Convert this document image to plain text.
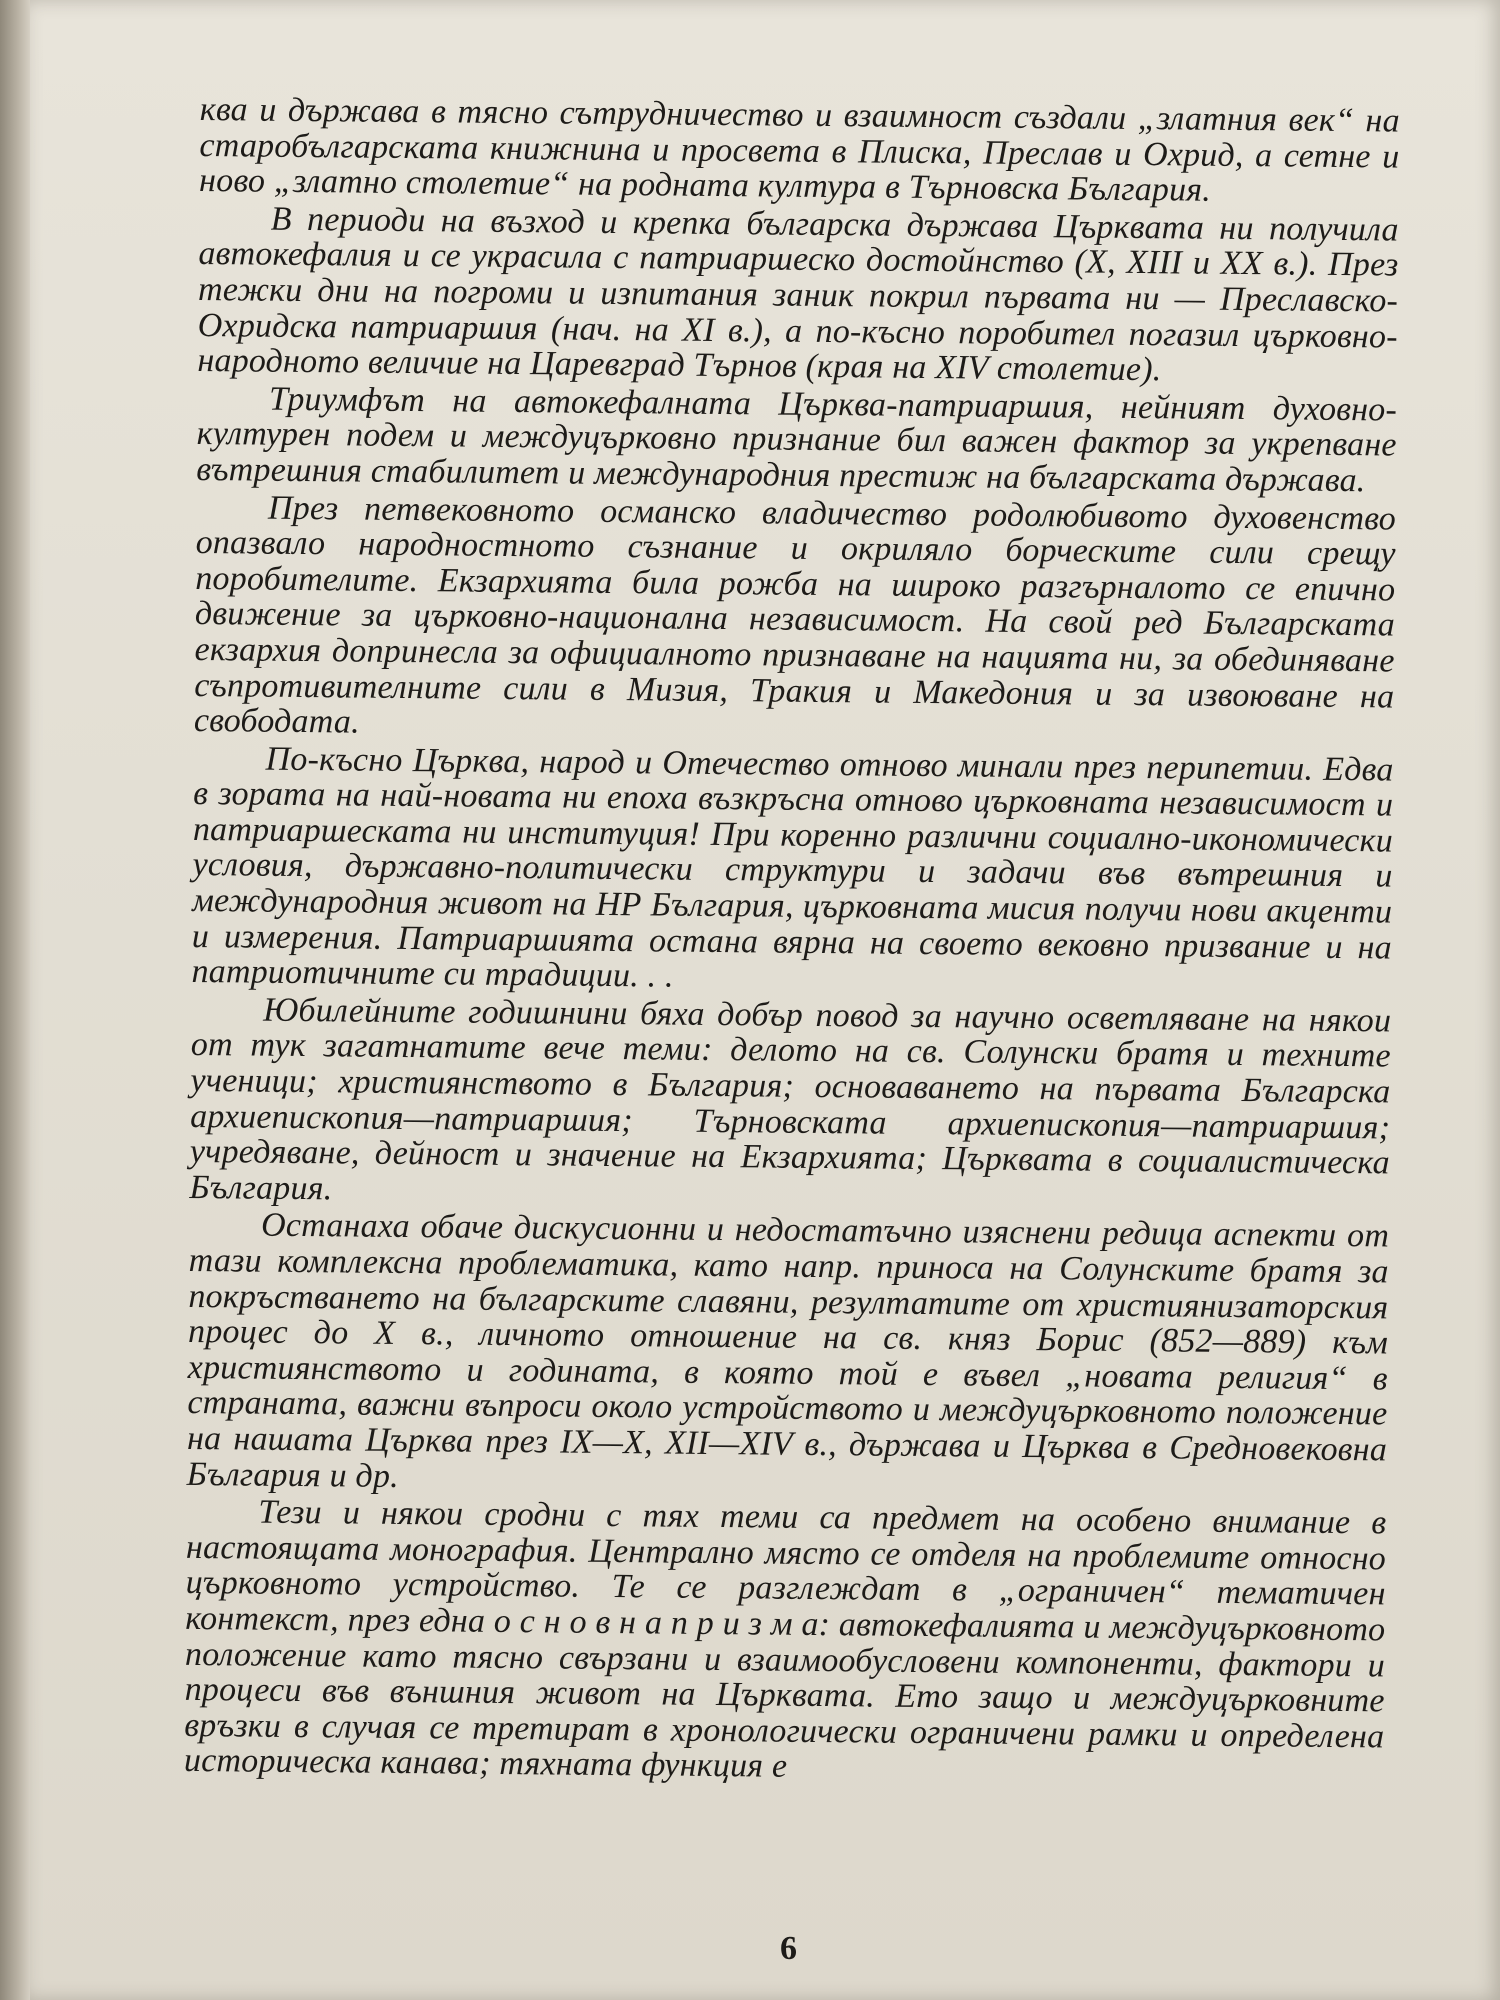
ква и държава в тясно сътрудничество и взаимност създали „златния век“ на старобългарската книжнина и просвета в Плиска, Преслав и Охрид, а сетне и ново „златно столетие“ на родната култура в Търновска България.

В периоди на възход и крепка българска държава Църквата ни получила автокефалия и се украсила с патриаршеско достойнство (X, XIII и XX в.). През тежки дни на погроми и изпитания заник покрил първата ни — Преславско-Охридска патриаршия (нач. на XI в.), а по-късно поробител погазил църковно-народното величие на Царевград Търнов (края на XIV столетие).

Триумфът на автокефалната Църква-патриаршия, нейният духовно-културен подем и междуцърковно признание бил важен фактор за укрепване вътрешния стабилитет и международния престиж на българската държава.

През петвековното османско владичество родолюбивото духовенство опазвало народностното съзнание и окриляло борческите сили срещу поробителите. Екзархията била рожба на широко разгърналото се епично движение за църковно-национална независимост. На свой ред Българската екзархия допринесла за официалното признаване на нацията ни, за обединяване съпротивителните сили в Мизия, Тракия и Македония и за извоюване на свободата.

По-късно Църква, народ и Отечество отново минали през перипетии. Едва в зората на най-новата ни епоха възкръсна отново църковната независимост и патриаршеската ни институция! При коренно различни социално-икономически условия, държавно-политически структури и задачи във вътрешния и международния живот на НР България, църковната мисия получи нови акценти и измерения. Патриаршията остана вярна на своето вековно призвание и на патриотичните си традиции. . .

Юбилейните годишнини бяха добър повод за научно осветляване на някои от тук загатнатите вече теми: делото на св. Солунски братя и техните ученици; християнството в България; основаването на първата Българска архиепископия—патриаршия; Търновската архиепископия—патриаршия; учредяване, дейност и значение на Екзархията; Църквата в социалистическа България.

Останаха обаче дискусионни и недостатъчно изяснени редица аспекти от тази комплексна проблематика, като напр. приноса на Солунските братя за покръстването на българските славяни, резултатите от християнизаторския процес до X в., личното отношение на св. княз Борис (852—889) към християнството и годината, в която той е въвел „новата религия“ в страната, важни въпроси около устройството и междуцърковното положение на нашата Църква през IX—X, XII—XIV в., държава и Църква в Средновековна България и др.

Тези и някои сродни с тях теми са предмет на особено внимание в настоящата монография. Централно място се отделя на проблемите относно църковното устройство. Те се разглеждат в „ограничен“ тематичен контекст, през една о с н о в н а п р и з м а: автокефалията и междуцърковното положение като тясно свързани и взаимообусловени компоненти, фактори и процеси във външния живот на Църквата. Ето защо и междуцърковните връзки в случая се третират в хронологически ограничени рамки и определена историческа канава; тяхната функция е

6
